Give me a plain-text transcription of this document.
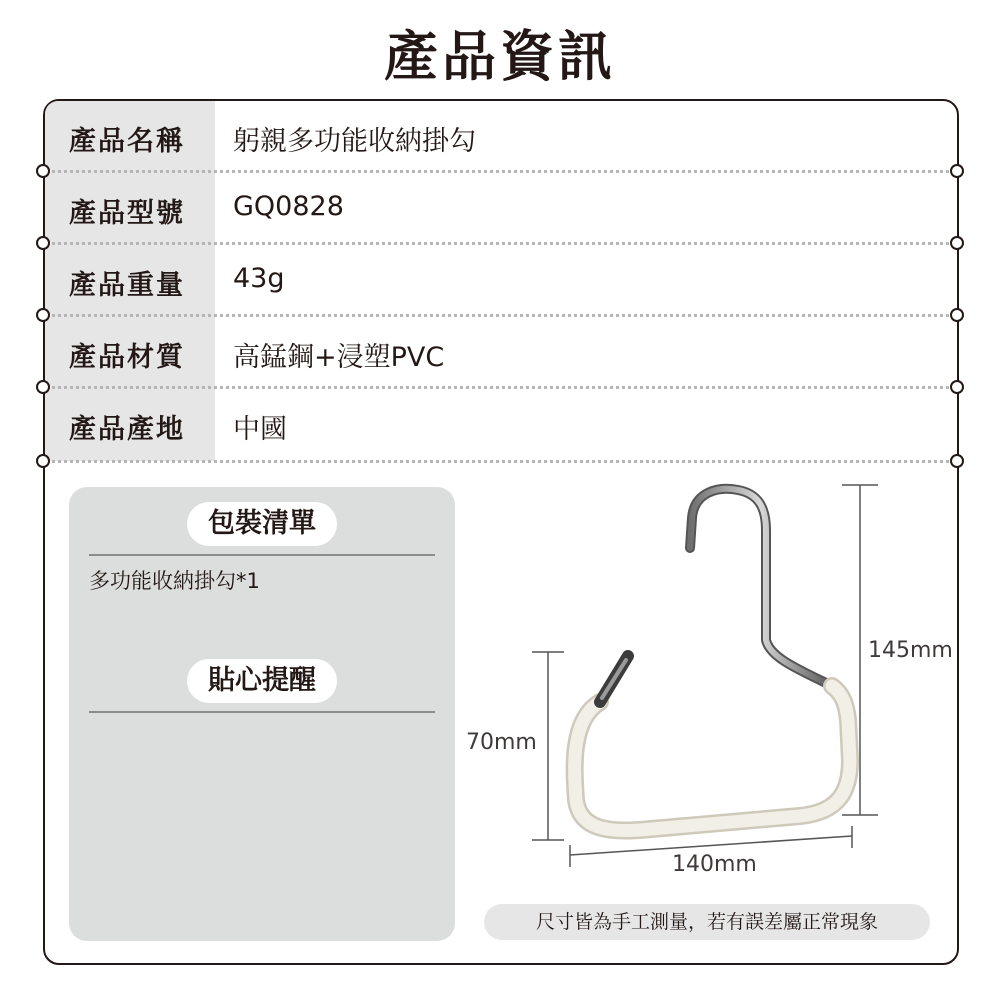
產品資訊
產品名稱 躬親多功能收納掛勾
產品型號 GQ0828
產品重量 43g
產品材質 高錳鋼+浸塑PVC
產品產地 中國
包裝清單
多功能收納掛勾*1
貼心提醒
145mm
70mm
140mm
尺寸皆為手工測量，若有誤差屬正常現象
